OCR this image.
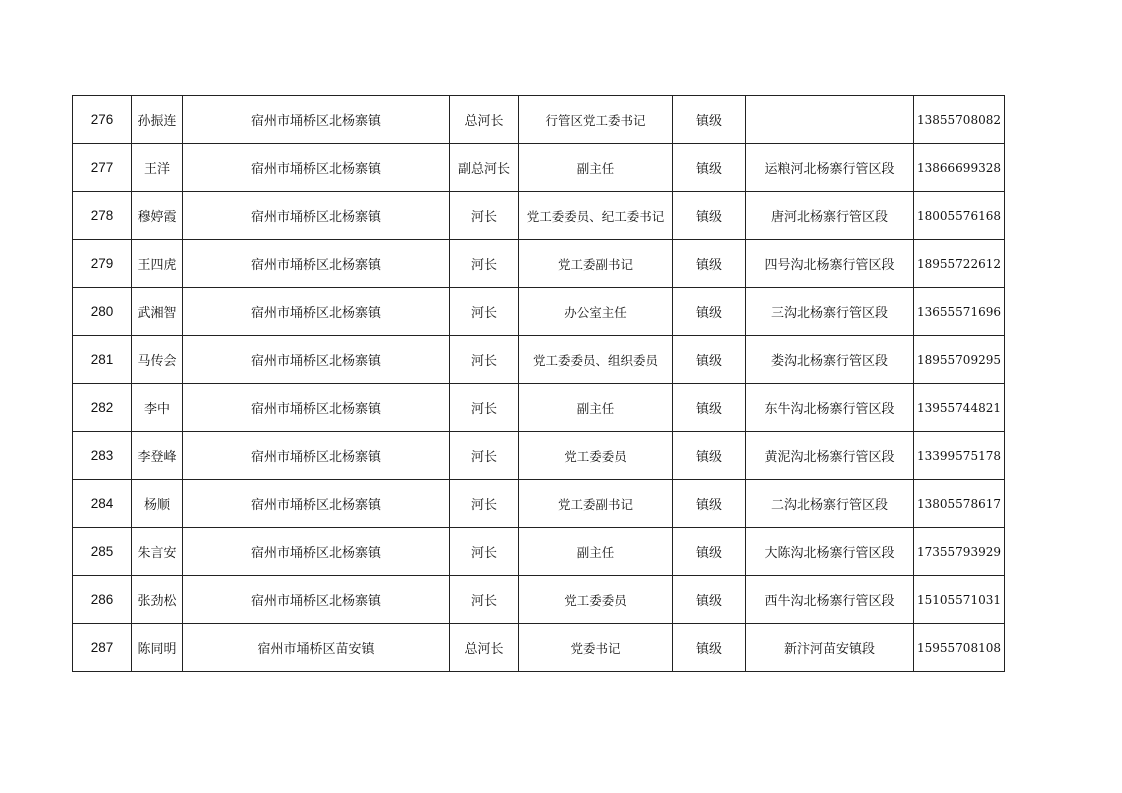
276	孙振连	宿州市埇桥区北杨寨镇	总河长	行管区党工委书记	镇级		13855708082
277	王洋	宿州市埇桥区北杨寨镇	副总河长	副主任	镇级	运粮河北杨寨行管区段	13866699328
278	穆婷霞	宿州市埇桥区北杨寨镇	河长	党工委委员、纪工委书记	镇级	唐河北杨寨行管区段	18005576168
279	王四虎	宿州市埇桥区北杨寨镇	河长	党工委副书记	镇级	四号沟北杨寨行管区段	18955722612
280	武湘智	宿州市埇桥区北杨寨镇	河长	办公室主任	镇级	三沟北杨寨行管区段	13655571696
281	马传会	宿州市埇桥区北杨寨镇	河长	党工委委员、组织委员	镇级	娄沟北杨寨行管区段	18955709295
282	李中	宿州市埇桥区北杨寨镇	河长	副主任	镇级	东牛沟北杨寨行管区段	13955744821
283	李登峰	宿州市埇桥区北杨寨镇	河长	党工委委员	镇级	黄泥沟北杨寨行管区段	13399575178
284	杨顺	宿州市埇桥区北杨寨镇	河长	党工委副书记	镇级	二沟北杨寨行管区段	13805578617
285	朱言安	宿州市埇桥区北杨寨镇	河长	副主任	镇级	大陈沟北杨寨行管区段	17355793929
286	张劲松	宿州市埇桥区北杨寨镇	河长	党工委委员	镇级	西牛沟北杨寨行管区段	15105571031
287	陈同明	宿州市埇桥区苗安镇	总河长	党委书记	镇级	新汴河苗安镇段	15955708108
